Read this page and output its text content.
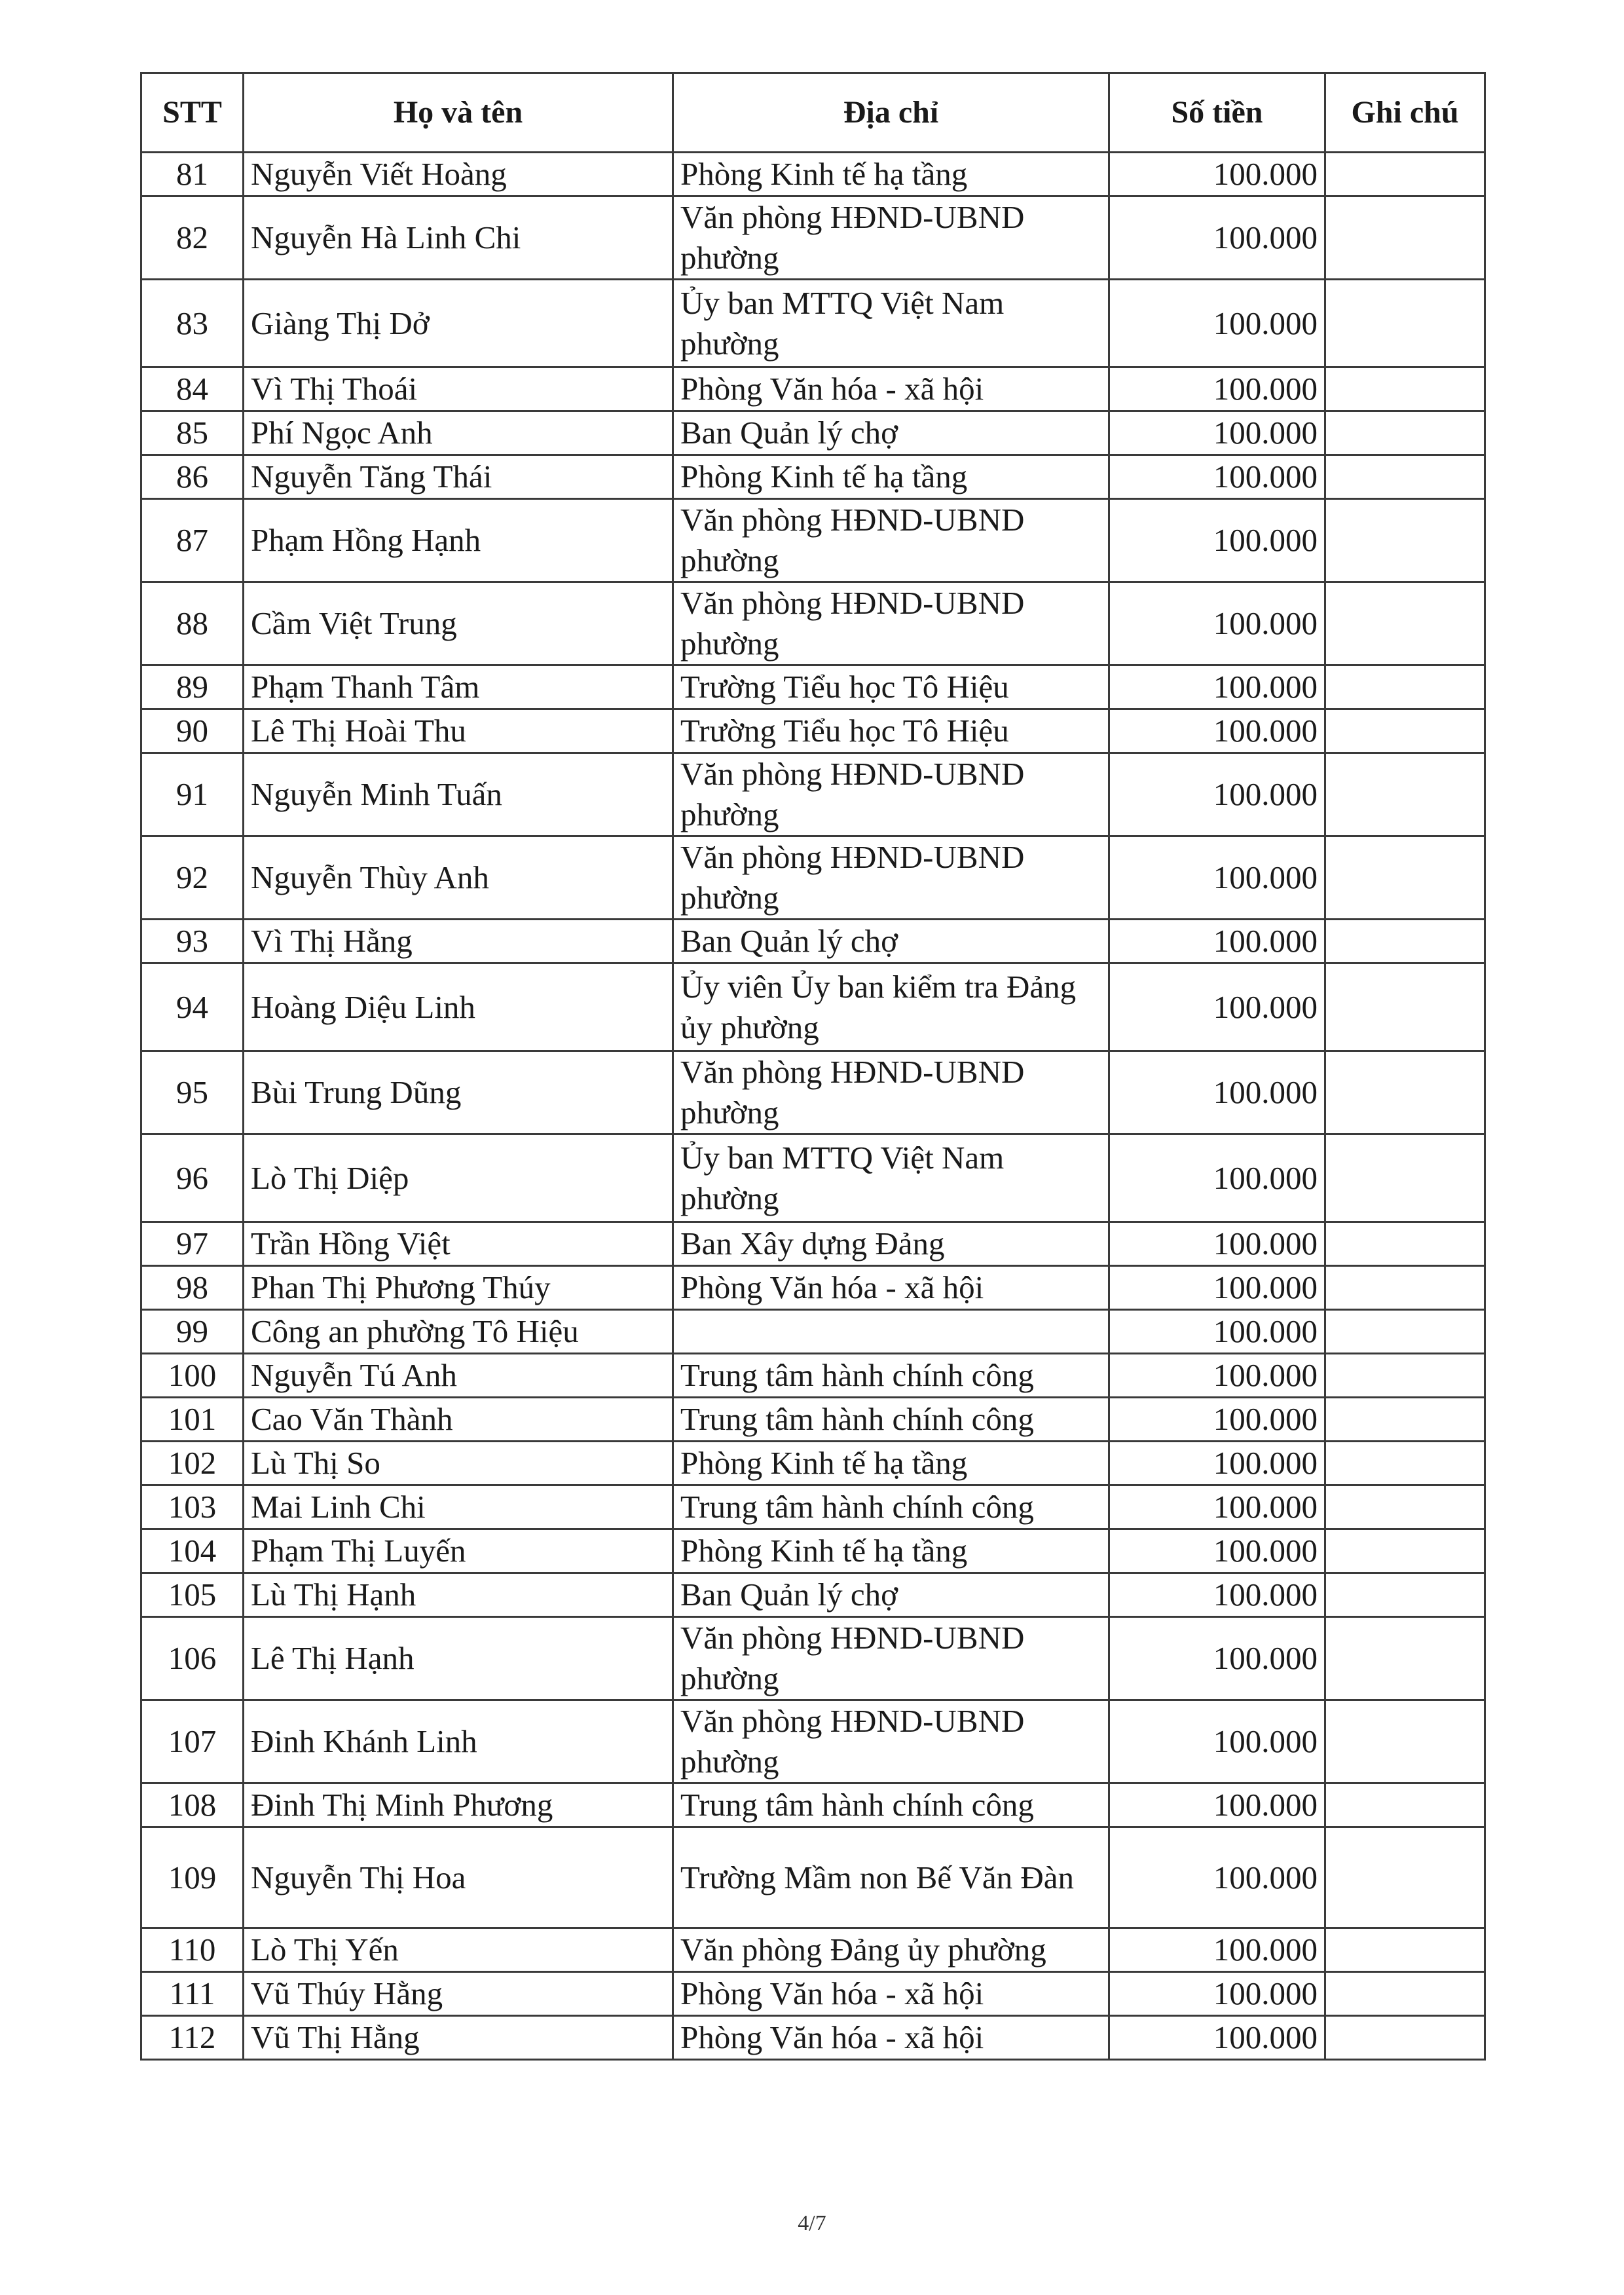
STT	Họ và tên	Địa chỉ	Số tiền	Ghi chú
81	Nguyễn Viết Hoàng	Phòng Kinh tế hạ tầng	100.000	
82	Nguyễn Hà Linh Chi	Văn phòng HĐND-UBND phường	100.000	
83	Giàng Thị Dở	Ủy ban MTTQ Việt Nam phường	100.000	
84	Vì Thị Thoái	Phòng Văn hóa - xã hội	100.000	
85	Phí Ngọc Anh	Ban Quản lý chợ	100.000	
86	Nguyễn Tăng Thái	Phòng Kinh tế hạ tầng	100.000	
87	Phạm Hồng Hạnh	Văn phòng HĐND-UBND phường	100.000	
88	Cầm Việt Trung	Văn phòng HĐND-UBND phường	100.000	
89	Phạm Thanh Tâm	Trường Tiểu học Tô Hiệu	100.000	
90	Lê Thị Hoài Thu	Trường Tiểu học Tô Hiệu	100.000	
91	Nguyễn Minh Tuấn	Văn phòng HĐND-UBND phường	100.000	
92	Nguyễn Thùy Anh	Văn phòng HĐND-UBND phường	100.000	
93	Vì Thị Hằng	Ban Quản lý chợ	100.000	
94	Hoàng Diệu Linh	Ủy viên Ủy ban kiểm tra Đảng ủy phường	100.000	
95	Bùi Trung Dũng	Văn phòng HĐND-UBND phường	100.000	
96	Lò Thị Diệp	Ủy ban MTTQ Việt Nam phường	100.000	
97	Trần Hồng Việt	Ban Xây dựng Đảng	100.000	
98	Phan Thị Phương Thúy	Phòng Văn hóa - xã hội	100.000	
99	Công an phường Tô Hiệu		100.000	
100	Nguyễn Tú Anh	Trung tâm hành chính công	100.000	
101	Cao Văn Thành	Trung tâm hành chính công	100.000	
102	Lù Thị So	Phòng Kinh tế hạ tầng	100.000	
103	Mai Linh Chi	Trung tâm hành chính công	100.000	
104	Phạm Thị Luyến	Phòng Kinh tế hạ tầng	100.000	
105	Lù Thị Hạnh	Ban Quản lý chợ	100.000	
106	Lê Thị Hạnh	Văn phòng HĐND-UBND phường	100.000	
107	Đinh Khánh Linh	Văn phòng HĐND-UBND phường	100.000	
108	Đinh Thị Minh Phương	Trung tâm hành chính công	100.000	
109	Nguyễn Thị Hoa	Trường Mầm non Bế Văn Đàn	100.000	
110	Lò Thị Yến	Văn phòng Đảng ủy phường	100.000	
111	Vũ Thúy Hằng	Phòng Văn hóa - xã hội	100.000	
112	Vũ Thị Hằng	Phòng Văn hóa - xã hội	100.000	
4/7
